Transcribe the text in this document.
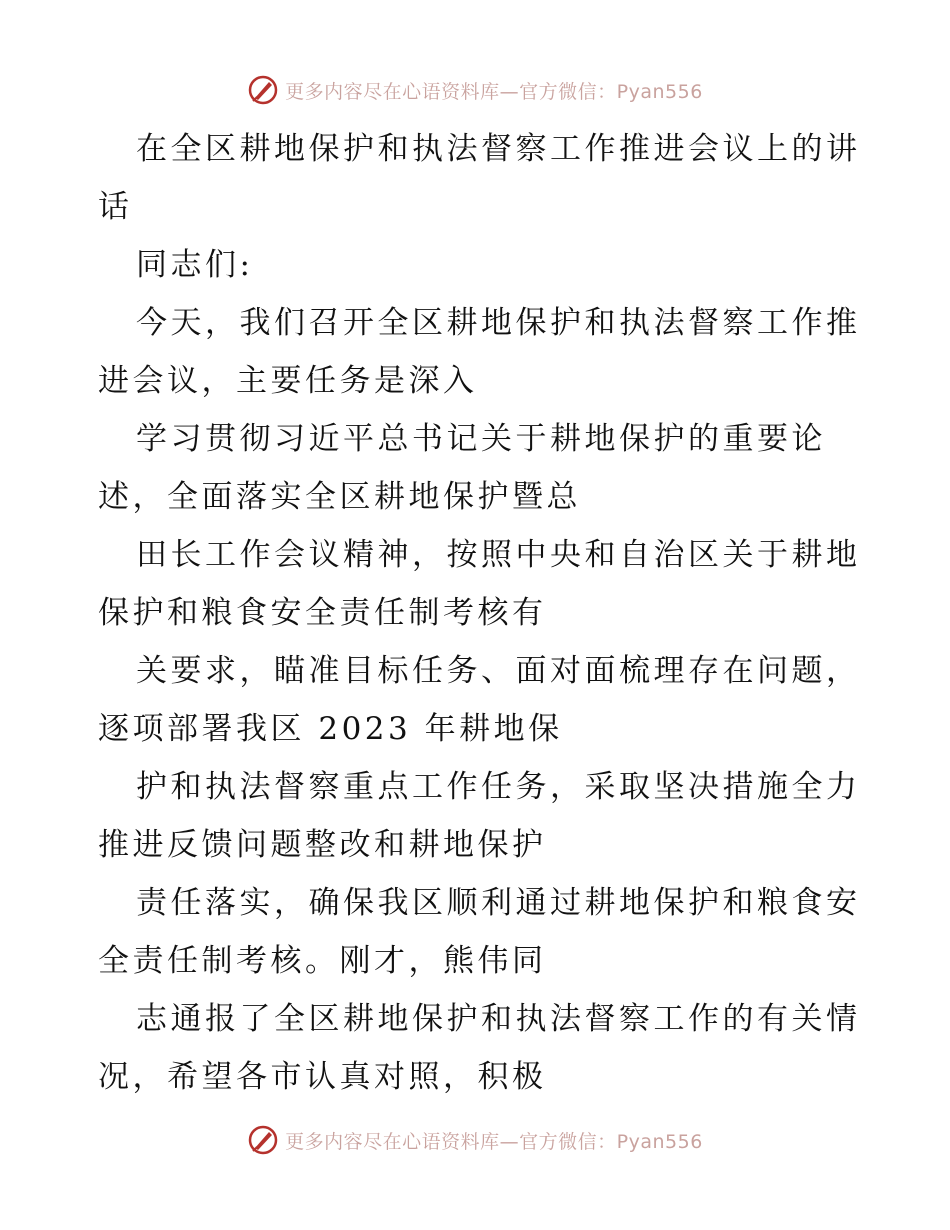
更多内容尽在心语资料库—官方微信：Pyan556
在全区耕地保护和执法督察工作推进会议上的讲
话
同志们:
今天，我们召开全区耕地保护和执法督察工作推
进会议，主要任务是深入
学习贯彻习近平总书记关于耕地保护的重要论
述，全面落实全区耕地保护暨总
田长工作会议精神，按照中央和自治区关于耕地
保护和粮食安全责任制考核有
关要求，瞄准目标任务、面对面梳理存在问题，
逐项部署我区 2023 年耕地保
护和执法督察重点工作任务，采取坚决措施全力
推进反馈问题整改和耕地保护
责任落实，确保我区顺利通过耕地保护和粮食安
全责任制考核。刚才，熊伟同
志通报了全区耕地保护和执法督察工作的有关情
况，希望各市认真对照，积极
更多内容尽在心语资料库—官方微信：Pyan556
